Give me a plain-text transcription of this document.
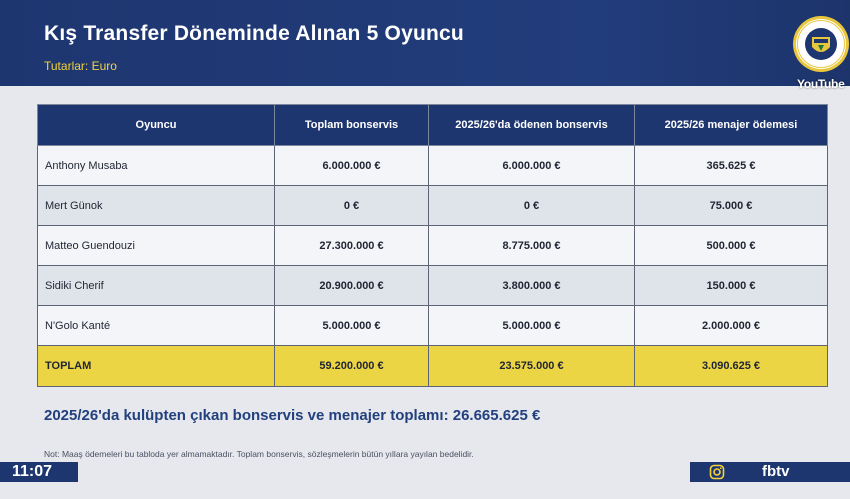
Kış Transfer Döneminde Alınan 5 Oyuncu
Tutarlar: Euro
YouTube
Oyuncu	Toplam bonservis	2025/26'da ödenen bonservis	2025/26 menajer ödemesi
Anthony Musaba	6.000.000 €	6.000.000 €	365.625 €
Mert Günok	0 €	0 €	75.000 €
Matteo Guendouzi	27.300.000 €	8.775.000 €	500.000 €
Sidiki Cherif	20.900.000 €	3.800.000 €	150.000 €
N'Golo Kanté	5.000.000 €	5.000.000 €	2.000.000 €
TOPLAM	59.200.000 €	23.575.000 €	3.090.625 €
2025/26'da kulüpten çıkan bonservis ve menajer toplamı: 26.665.625 €
Not: Maaş ödemeleri bu tabloda yer almamaktadır. Toplam bonservis, sözleşmelerin bütün yıllara yayılan bedelidir.
11:07	fbtv
